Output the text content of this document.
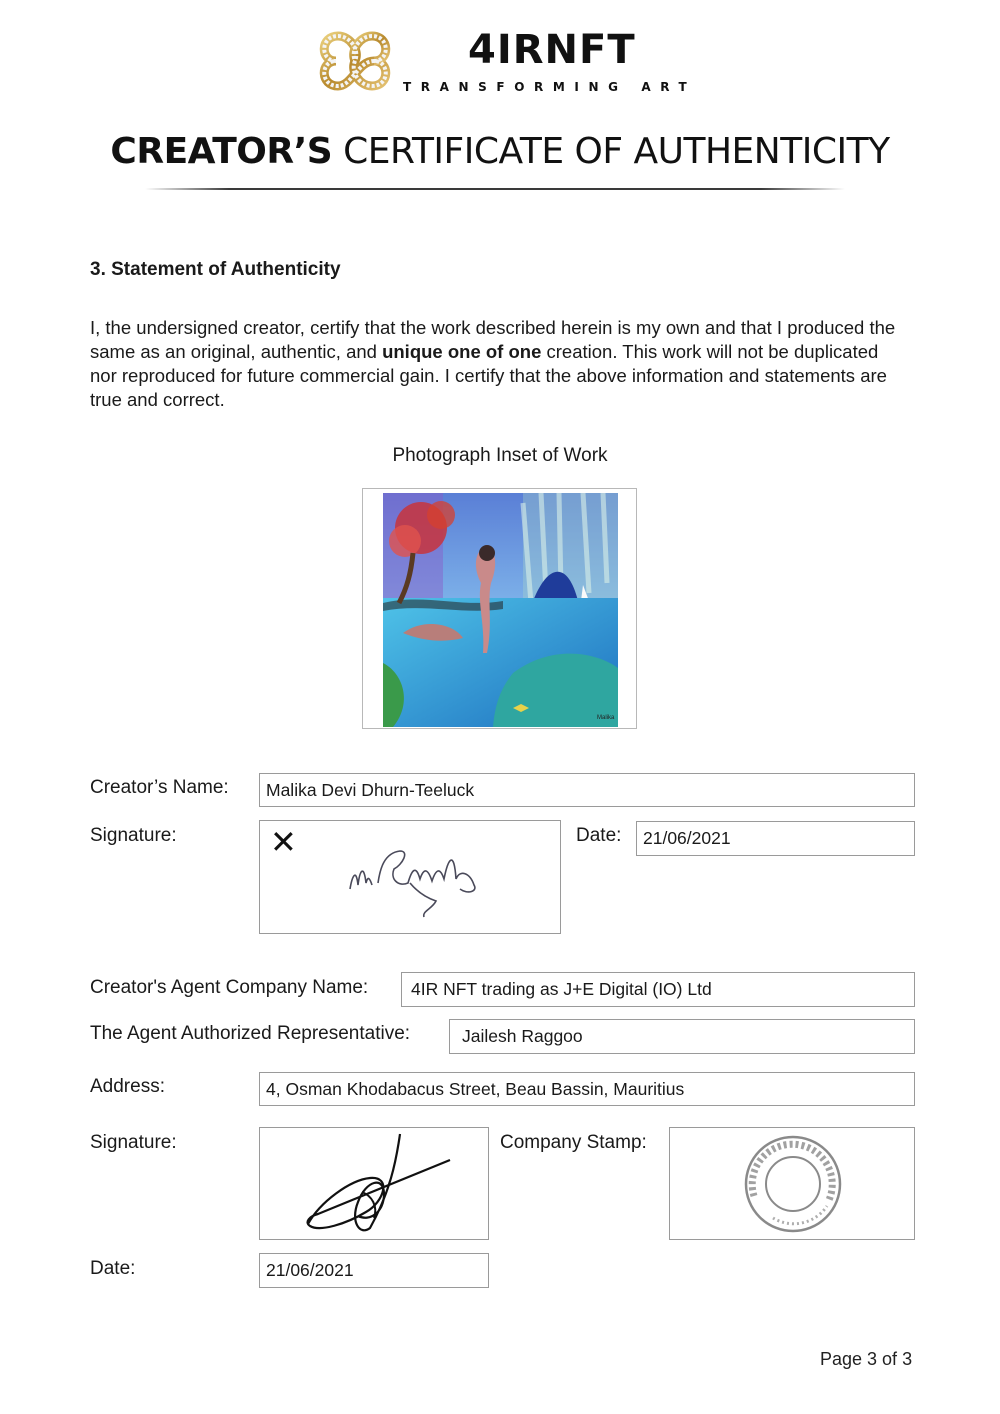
4IRNFT
TRANSFORMING ART
CREATOR’S CERTIFICATE OF AUTHENTICITY
3. Statement of Authenticity
I, the undersigned creator, certify that the work described herein is my own and that I produced the same as an original, authentic, and unique one of one creation. This work will not be duplicated nor reproduced for future commercial gain. I certify that the above information and statements are true and correct.
Photograph Inset of Work
Malika
Creator’s Name:	Malika Devi Dhurn-Teeluck
Signature:	✕	Date:	21/06/2021
Creator's Agent Company Name:	4IR NFT trading as J+E Digital (IO) Ltd
The Agent Authorized Representative:	Jailesh Raggoo
Address:	4, Osman Khodabacus Street, Beau Bassin, Mauritius
Signature:	Company Stamp:
Date:	21/06/2021
Page 3 of 3
